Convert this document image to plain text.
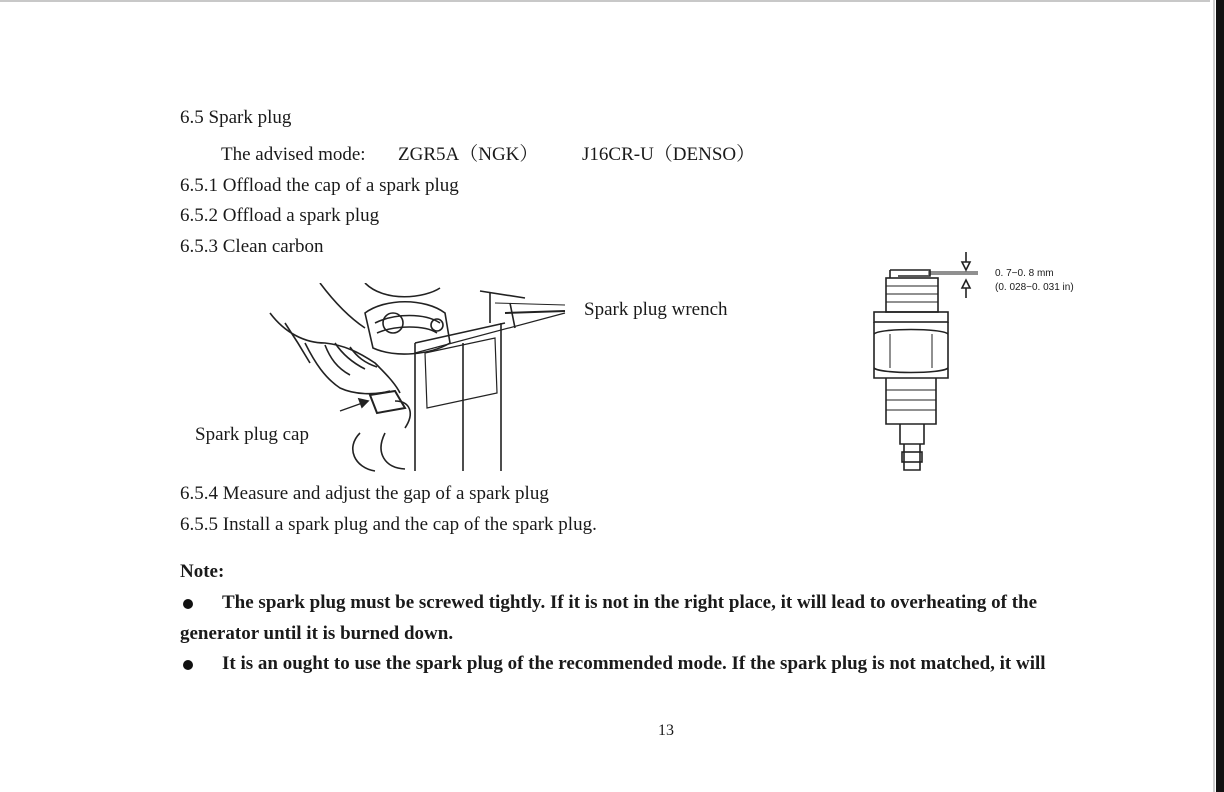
6.5 Spark plug
The advised mode: ZGR5A（NGK） J16CR-U（DENSO）
6.5.1 Offload the cap of a spark plug
6.5.2 Offload a spark plug
6.5.3 Clean carbon
Spark plug wrench
Spark plug cap
0. 7−0. 8 mm
(0. 028−0. 031 in)
6.5.4 Measure and adjust the gap of a spark plug
6.5.5 Install a spark plug and the cap of the spark plug.
Note:
The spark plug must be screwed tightly. If it is not in the right place, it will lead to overheating of the
generator until it is burned down.
It is an ought to use the spark plug of the recommended mode. If the spark plug is not matched, it will
13
